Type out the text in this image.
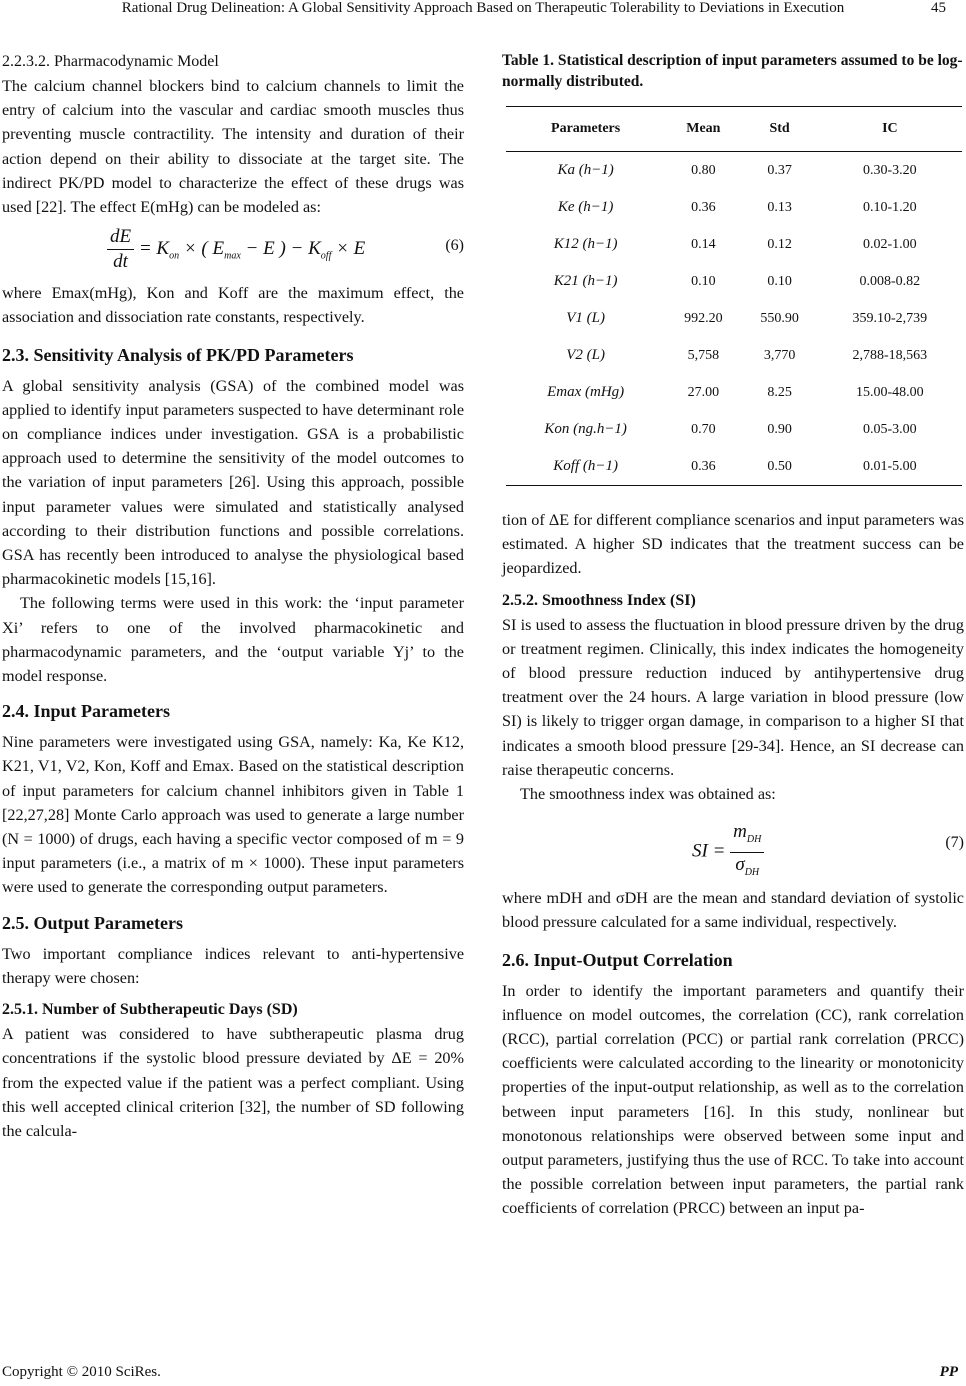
Rational Drug Delineation: A Global Sensitivity Approach Based on Therapeutic Tolerability to Deviations in Execution	45
2.2.3.2. Pharmacodynamic Model

The calcium channel blockers bind to calcium channels to limit the entry of calcium into the vascular and cardiac smooth muscles thus preventing muscle contractility. The intensity and duration of their action depend on their ability to dissociate at the target site. The indirect PK/PD model to characterize the effect of these drugs was used [22]. The effect E(mHg) can be modeled as:

$\frac{dE}{dt} = K_{on}$ × ( $E_{max} - E$ ) − $K_{off} \times E$	(6)

where Emax(mHg), Kon and Koff are the maximum effect, the association and dissociation rate constants, respectively.

2.3. Sensitivity Analysis of PK/PD Parameters

A global sensitivity analysis (GSA) of the combined model was applied to identify input parameters suspected to have determinant role on compliance indices under investigation. GSA is a probabilistic approach used to determine the sensitivity of the model outcomes to the variation of input parameters [26]. Using this approach, possible input parameter values were simulated and statistically analysed according to their distribution functions and possible correlations. GSA has recently been introduced to analyse the physiological based pharmacokinetic models [15,16].

The following terms were used in this work: the ‘input parameter Xi’ refers to one of the involved pharmacokinetic and pharmacodynamic parameters, and the ‘output variable Yj’ to the model response.

2.4. Input Parameters

Nine parameters were investigated using GSA, namely: Ka, Ke K12, K21, V1, V2, Kon, Koff and Emax. Based on the statistical description of input parameters for calcium channel inhibitors given in Table 1 [22,27,28] Monte Carlo approach was used to generate a large number (N = 1000) of drugs, each having a specific vector composed of m = 9 input parameters (i.e., a matrix of m × 1000). These input parameters were used to generate the corresponding output parameters.

2.5. Output Parameters

Two important compliance indices relevant to anti-hypertensive therapy were chosen:

2.5.1. Number of Subtherapeutic Days (SD)

A patient was considered to have subtherapeutic plasma drug concentrations if the systolic blood pressure deviated by ΔE = 20% from the expected value if the patient was a perfect compliant. Using this well accepted clinical criterion [32], the number of SD following the calcula-

Table 1. Statistical description of input parameters assumed to be log-normally distributed.
Parameters	Mean	Std	IC
Ka (h−1)	0.80	0.37	0.30-3.20
Ke (h−1)	0.36	0.13	0.10-1.20
K12 (h−1)	0.14	0.12	0.02-1.00
K21 (h−1)	0.10	0.10	0.008-0.82
V1 (L)	992.20	550.90	359.10-2,739
V2 (L)	5,758	3,770	2,788-18,563
Emax (mHg)	27.00	8.25	15.00-48.00
Kon (ng.h−1)	0.70	0.90	0.05-3.00
Koff (h−1)	0.36	0.50	0.01-5.00

tion of ΔE for different compliance scenarios and input parameters was estimated. A higher SD indicates that the treatment success can be jeopardized.

2.5.2. Smoothness Index (SI)

SI is used to assess the fluctuation in blood pressure driven by the drug or treatment regimen. Clinically, this index indicates the homogeneity of blood pressure reduction induced by antihypertensive drug treatment over the 24 hours. A large variation in blood pressure (low SI) is likely to trigger organ damage, in comparison to a higher SI that indicates a smooth blood pressure [29-34]. Hence, an SI decrease can raise therapeutic concerns.

The smoothness index was obtained as:

SI = $\frac{m_{DH}}{\sigma_{DH}}$	(7)

where mDH and σDH are the mean and standard deviation of systolic blood pressure calculated for a same individual, respectively.

2.6. Input-Output Correlation

In order to identify the important parameters and quantify their influence on model outcomes, the correlation (CC), rank correlation (RCC), partial correlation (PCC) or partial rank correlation (PRCC) coefficients were calculated according to the linearity or monotonicity properties of the input-output relationship, as well as to the correlation between input parameters [16]. In this study, nonlinear but monotonous relationships were observed between some input and output parameters, justifying thus the use of RCC. To take into account the possible correlation between input parameters, the partial rank coefficients of correlation (PRCC) between an input pa-

Copyright © 2010 SciRes.	PP
